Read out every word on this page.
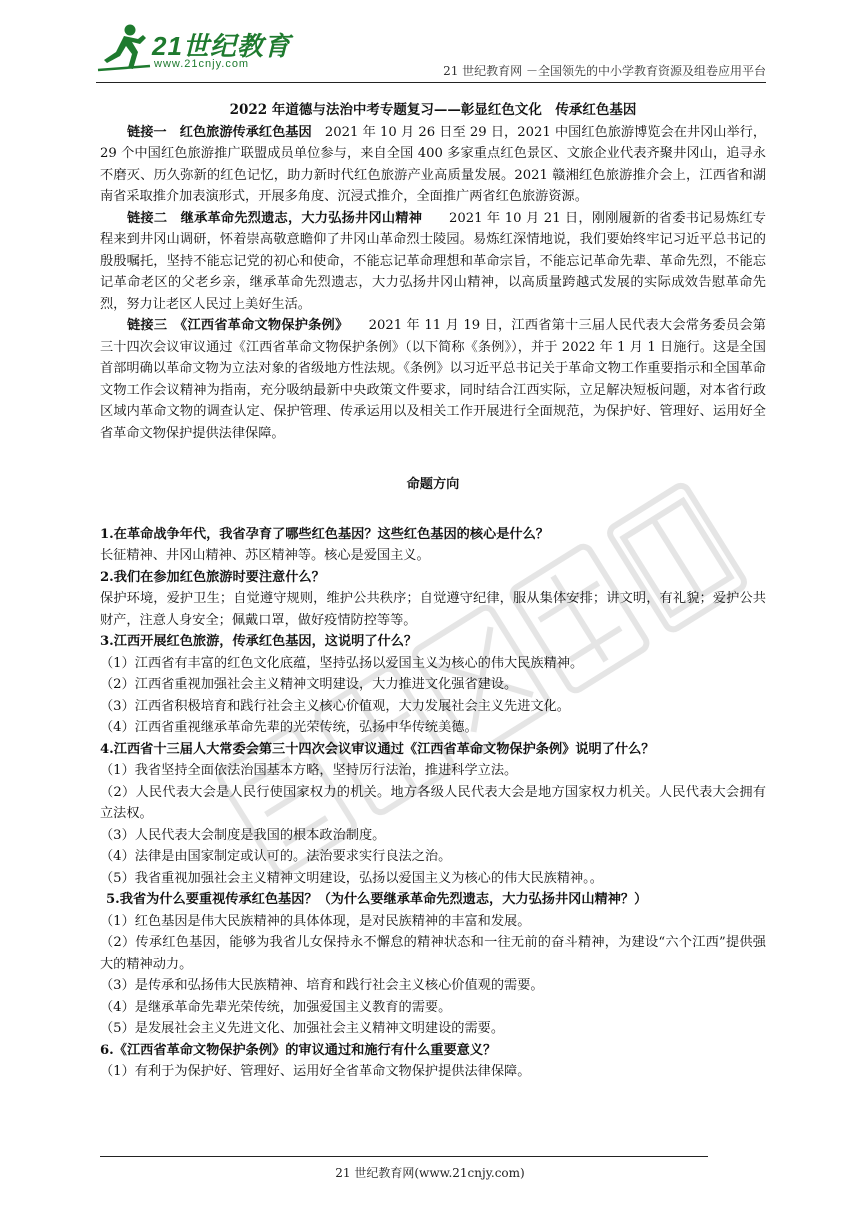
21世纪教育
www.21cnjy.com	21 世纪教育网 －全国领先的中小学教育资源及组卷应用平台

2022 年道德与法治中考专题复习——彰显红色文化　传承红色基因

链接一　红色旅游传承红色基因　2021 年 10 月 26 日至 29 日，2021 中国红色旅游博览会在井冈山举行，29 个中国红色旅游推广联盟成员单位参与，来自全国 400 多家重点红色景区、文旅企业代表齐聚井冈山，追寻永不磨灭、历久弥新的红色记忆，助力新时代红色旅游产业高质量发展。2021 赣湘红色旅游推介会上，江西省和湖南省采取推介加表演形式，开展多角度、沉浸式推介，全面推广两省红色旅游资源。

链接二　继承革命先烈遗志，大力弘扬井冈山精神　　2021 年 10 月 21 日，刚刚履新的省委书记易炼红专程来到井冈山调研，怀着崇高敬意瞻仰了井冈山革命烈士陵园。易炼红深情地说，我们要始终牢记习近平总书记的殷殷嘱托，坚持不能忘记党的初心和使命，不能忘记革命理想和革命宗旨，不能忘记革命先辈、革命先烈，不能忘记革命老区的父老乡亲，继承革命先烈遗志，大力弘扬井冈山精神，以高质量跨越式发展的实际成效告慰革命先烈，努力让老区人民过上美好生活。

链接三　《江西省革命文物保护条例》　　2021 年 11 月 19 日，江西省第十三届人民代表大会常务委员会第三十四次会议审议通过《江西省革命文物保护条例》（以下简称《条例》），并于 2022 年 1 月 1 日施行。这是全国首部明确以革命文物为立法对象的省级地方性法规。《条例》以习近平总书记关于革命文物工作重要指示和全国革命文物工作会议精神为指南，充分吸纳最新中央政策文件要求，同时结合江西实际，立足解决短板问题，对本省行政区域内革命文物的调查认定、保护管理、传承运用以及相关工作开展进行全面规范，为保护好、管理好、运用好全省革命文物保护提供法律保障。

命题方向

1.在革命战争年代，我省孕育了哪些红色基因？这些红色基因的核心是什么？

长征精神、井冈山精神、苏区精神等。核心是爱国主义。

2.我们在参加红色旅游时要注意什么？

保护环境，爱护卫生；自觉遵守规则，维护公共秩序；自觉遵守纪律，服从集体安排；讲文明，有礼貌；爱护公共财产，注意人身安全；佩戴口罩，做好疫情防控等等。

3.江西开展红色旅游，传承红色基因，这说明了什么？

（1）江西省有丰富的红色文化底蕴，坚持弘扬以爱国主义为核心的伟大民族精神。

（2）江西省重视加强社会主义精神文明建设，大力推进文化强省建设。

（3）江西省积极培育和践行社会主义核心价值观，大力发展社会主义先进文化。

（4）江西省重视继承革命先辈的光荣传统，弘扬中华传统美德。

4.江西省十三届人大常委会第三十四次会议审议通过《江西省革命文物保护条例》说明了什么？

（1）我省坚持全面依法治国基本方略，坚持厉行法治，推进科学立法。

（2）人民代表大会是人民行使国家权力的机关。地方各级人民代表大会是地方国家权力机关。人民代表大会拥有立法权。

（3）人民代表大会制度是我国的根本政治制度。

（4）法律是由国家制定或认可的。法治要求实行良法之治。

（5）我省重视加强社会主义精神文明建设，弘扬以爱国主义为核心的伟大民族精神。。

5.我省为什么要重视传承红色基因？（为什么要继承革命先烈遗志，大力弘扬井冈山精神？）

（1）红色基因是伟大民族精神的具体体现，是对民族精神的丰富和发展。

（2）传承红色基因，能够为我省儿女保持永不懈怠的精神状态和一往无前的奋斗精神，为建设“六个江西”提供强大的精神动力。

（3）是传承和弘扬伟大民族精神、培育和践行社会主义核心价值观的需要。

（4）是继承革命先辈光荣传统，加强爱国主义教育的需要。

（5）是发展社会主义先进文化、加强社会主义精神文明建设的需要。

6.《江西省革命文物保护条例》的审议通过和施行有什么重要意义？

（1）有利于为保护好、管理好、运用好全省革命文物保护提供法律保障。

21 世纪教育网(www.21cnjy.com)
